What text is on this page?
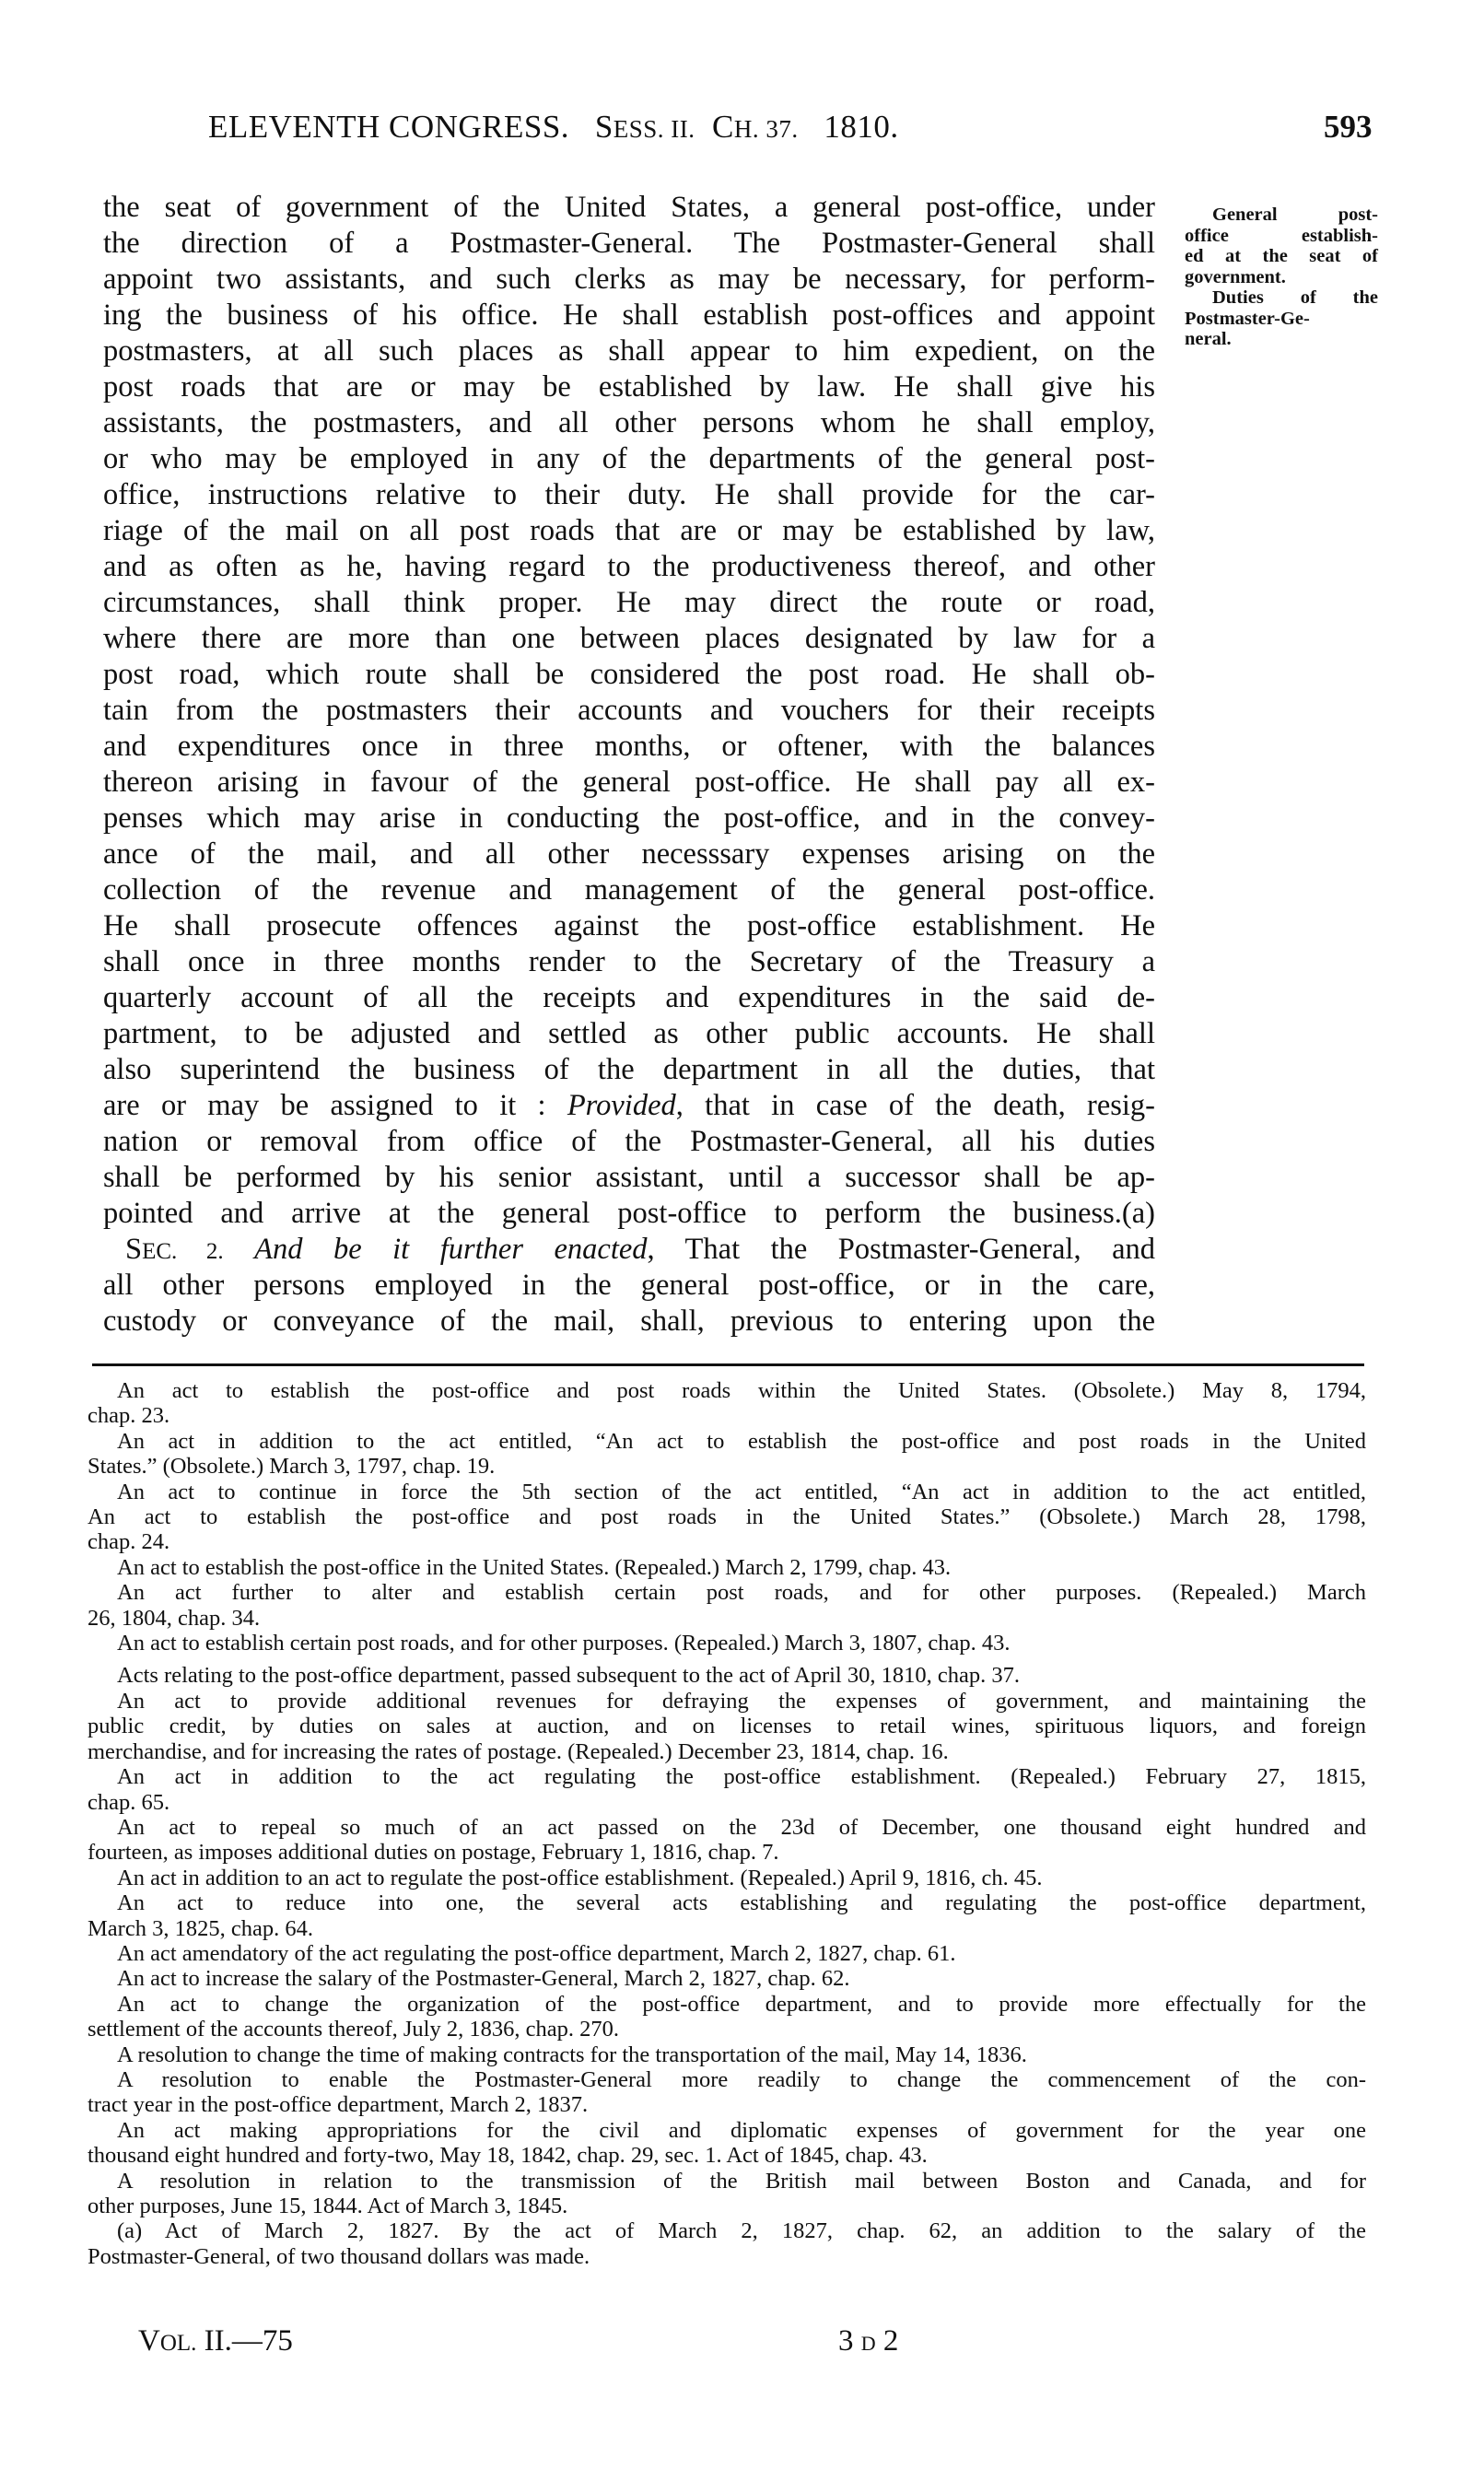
ELEVENTH CONGRESS. SESS. II. CH. 37. 1810.	593
the seat of government of the United States, a general post-office, under
the direction of a Postmaster-General. The Postmaster-General shall
appoint two assistants, and such clerks as may be necessary, for perform-
ing the business of his office. He shall establish post-offices and appoint
postmasters, at all such places as shall appear to him expedient, on the
post roads that are or may be established by law. He shall give his
assistants, the postmasters, and all other persons whom he shall employ,
or who may be employed in any of the departments of the general post-
office, instructions relative to their duty. He shall provide for the car-
riage of the mail on all post roads that are or may be established by law,
and as often as he, having regard to the productiveness thereof, and other
circumstances, shall think proper. He may direct the route or road,
where there are more than one between places designated by law for a
post road, which route shall be considered the post road. He shall ob-
tain from the postmasters their accounts and vouchers for their receipts
and expenditures once in three months, or oftener, with the balances
thereon arising in favour of the general post-office. He shall pay all ex-
penses which may arise in conducting the post-office, and in the convey-
ance of the mail, and all other necesssary expenses arising on the
collection of the revenue and management of the general post-office.
He shall prosecute offences against the post-office establishment. He
shall once in three months render to the Secretary of the Treasury a
quarterly account of all the receipts and expenditures in the said de-
partment, to be adjusted and settled as other public accounts. He shall
also superintend the business of the department in all the duties, that
are or may be assigned to it : Provided, that in case of the death, resig-
nation or removal from office of the Postmaster-General, all his duties
shall be performed by his senior assistant, until a successor shall be ap-
pointed and arrive at the general post-office to perform the business.(a)
SEC. 2. And be it further enacted, That the Postmaster-General, and
all other persons employed in the general post-office, or in the care,
custody or conveyance of the mail, shall, previous to entering upon the
General post-
office establish-
ed at the seat of
government.
Duties of the
Postmaster-Ge-
neral.
An act to establish the post-office and post roads within the United States. (Obsolete.) May 8, 1794,
chap. 23.
An act in addition to the act entitled, “An act to establish the post-office and post roads in the United
States.” (Obsolete.) March 3, 1797, chap. 19.
An act to continue in force the 5th section of the act entitled, “An act in addition to the act entitled,
An act to establish the post-office and post roads in the United States.” (Obsolete.) March 28, 1798,
chap. 24.
An act to establish the post-office in the United States. (Repealed.) March 2, 1799, chap. 43.
An act further to alter and establish certain post roads, and for other purposes. (Repealed.) March
26, 1804, chap. 34.
An act to establish certain post roads, and for other purposes. (Repealed.) March 3, 1807, chap. 43.
Acts relating to the post-office department, passed subsequent to the act of April 30, 1810, chap. 37.
An act to provide additional revenues for defraying the expenses of government, and maintaining the
public credit, by duties on sales at auction, and on licenses to retail wines, spirituous liquors, and foreign
merchandise, and for increasing the rates of postage. (Repealed.) December 23, 1814, chap. 16.
An act in addition to the act regulating the post-office establishment. (Repealed.) February 27, 1815,
chap. 65.
An act to repeal so much of an act passed on the 23d of December, one thousand eight hundred and
fourteen, as imposes additional duties on postage, February 1, 1816, chap. 7.
An act in addition to an act to regulate the post-office establishment. (Repealed.) April 9, 1816, ch. 45.
An act to reduce into one, the several acts establishing and regulating the post-office department,
March 3, 1825, chap. 64.
An act amendatory of the act regulating the post-office department, March 2, 1827, chap. 61.
An act to increase the salary of the Postmaster-General, March 2, 1827, chap. 62.
An act to change the organization of the post-office department, and to provide more effectually for the
settlement of the accounts thereof, July 2, 1836, chap. 270.
A resolution to change the time of making contracts for the transportation of the mail, May 14, 1836.
A resolution to enable the Postmaster-General more readily to change the commencement of the con-
tract year in the post-office department, March 2, 1837.
An act making appropriations for the civil and diplomatic expenses of government for the year one
thousand eight hundred and forty-two, May 18, 1842, chap. 29, sec. 1. Act of 1845, chap. 43.
A resolution in relation to the transmission of the British mail between Boston and Canada, and for
other purposes, June 15, 1844. Act of March 3, 1845.
(a) Act of March 2, 1827. By the act of March 2, 1827, chap. 62, an addition to the salary of the
Postmaster-General, of two thousand dollars was made.
VOL. II.—75	3 D 2
